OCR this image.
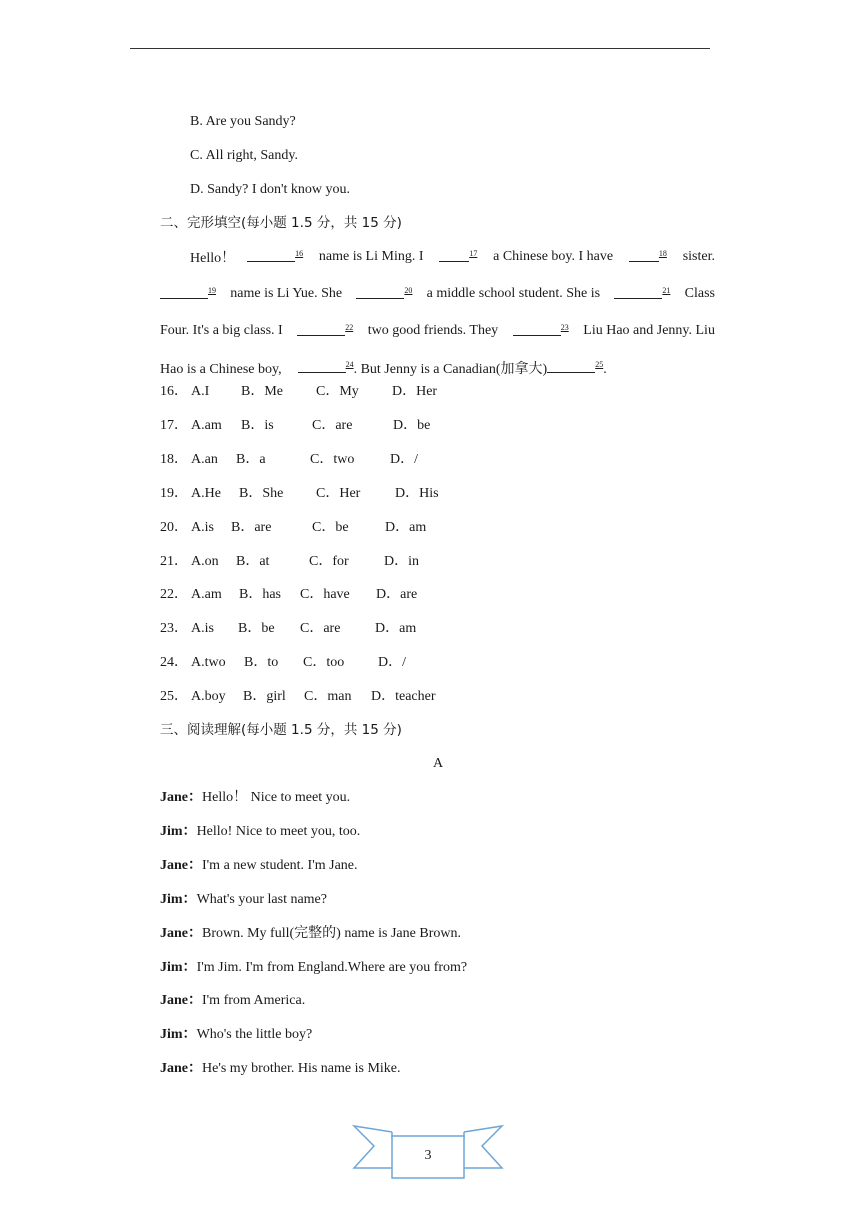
B. Are you Sandy?
C. All right, Sandy.
D. Sandy? I don't know you.
二、完形填空(每小题 1.5 分，共 15 分)
Hello！	$^{16}$ name is Li Ming. I	$^{17}$ a Chinese boy. I have	$^{18}$ sister.
$^{19}$ name is Li Yue. She	$^{20}$ a middle school student. She is	$^{21}$ Class
Four. It's a big class. I	$^{22}$ two good friends. They	$^{23}$ Liu Hao and Jenny. Liu
Hao is a Chinese boy,	$^{24}$. But Jenny is a Canadian(加拿大)	$^{25}$.
16． A.I B．Me C．My D．Her
17． A.am B．is	C．are	D．be
18． A.an B．a	C．two	D．/
19． A.He B．She C．Her D．His
20． A.is B．are	C．be	D．am
21． A.on B．at	C．for	D．in
22． A.am B．has C．have D．are
23． A.is B．be C．are D．am
24． A.two B．to C．too D．/
25． A.boy B．girl C．man D．teacher
三、阅读理解(每小题 1.5 分，共 15 分)
A
Jane：Hello！ Nice to meet you.
Jim：Hello! Nice to meet you, too.
Jane：I'm a new student. I'm Jane.
Jim：What's your last name?
Jane：Brown. My full(完整的) name is Jane Brown.
Jim：I'm Jim. I'm from England.Where are you from?
Jane：I'm from America.
Jim：Who's the little boy?
Jane：He's my brother. His name is Mike.
3
